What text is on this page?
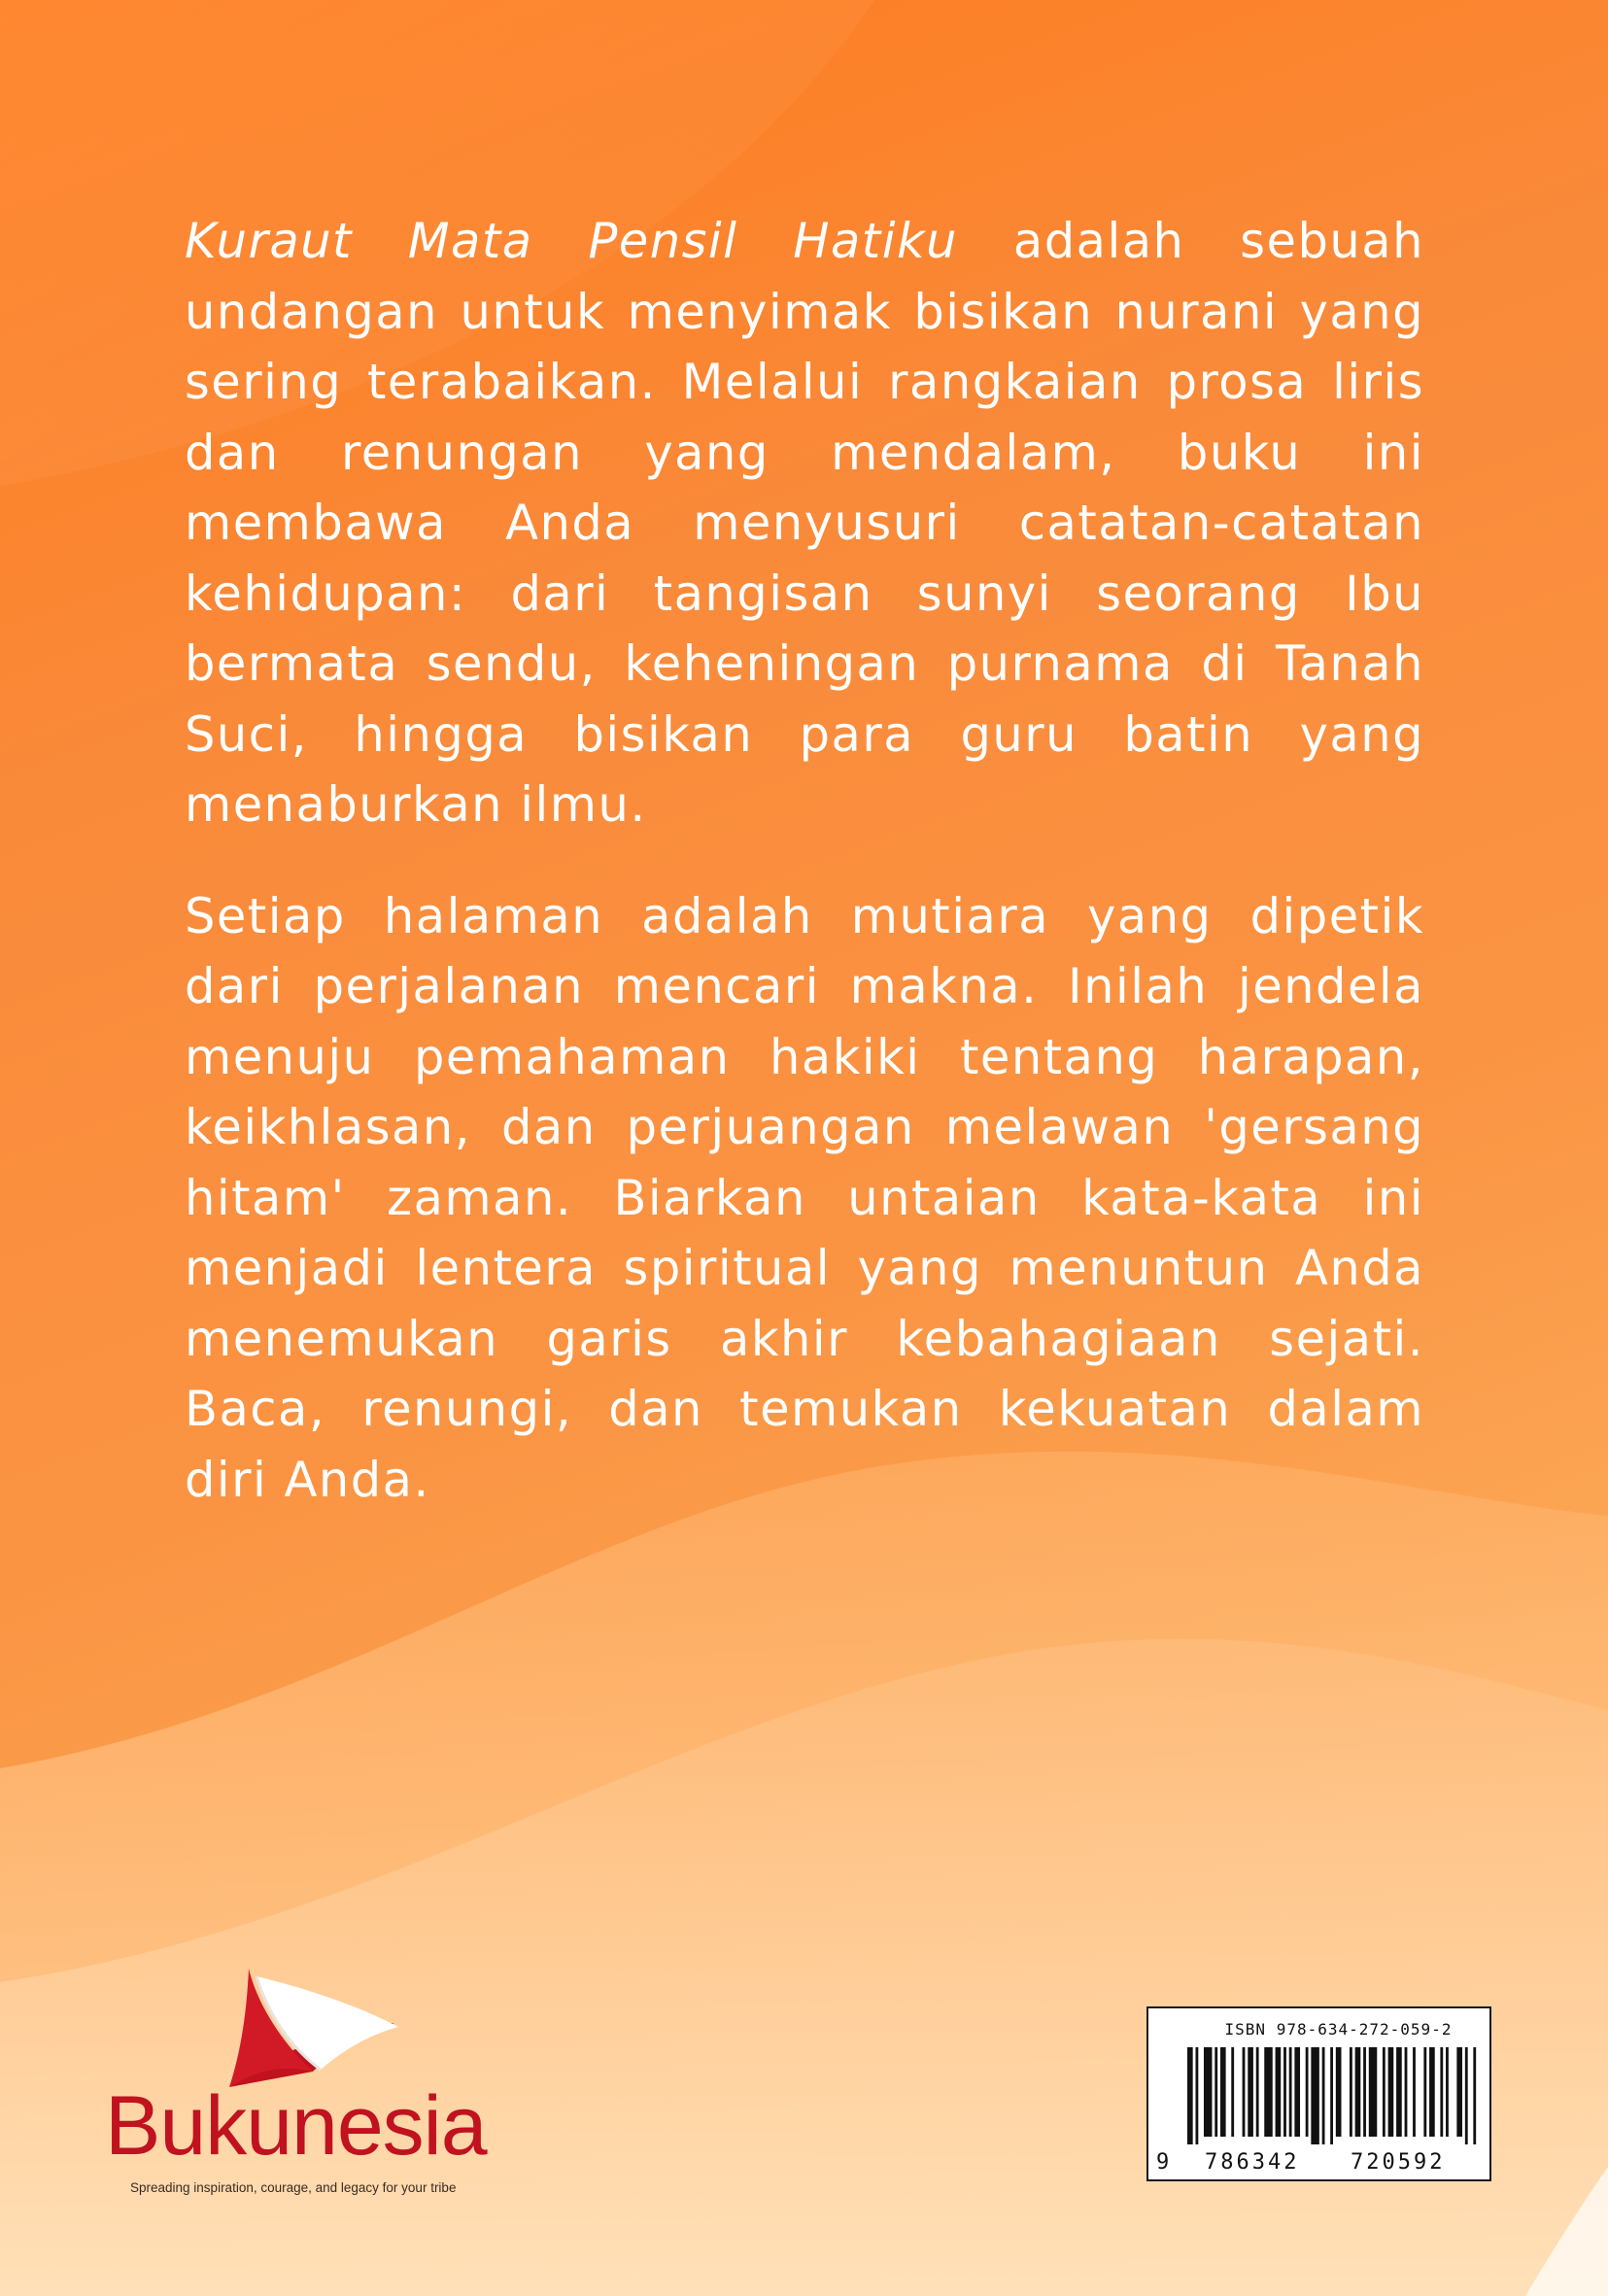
Kuraut Mata Pensil Hatiku adalah sebuah undangan untuk menyimak bisikan nurani yang sering terabaikan. Melalui rangkaian prosa liris dan renungan yang mendalam, buku ini membawa Anda menyusuri catatan-catatan kehidupan: dari tangisan sunyi seorang Ibu bermata sendu, keheningan purnama di Tanah Suci, hingga bisikan para guru batin yang menaburkan ilmu.

Setiap halaman adalah mutiara yang dipetik dari perjalanan mencari makna. Inilah jendela menuju pemahaman hakiki tentang harapan, keikhlasan, dan perjuangan melawan 'gersang hitam' zaman. Biarkan untaian kata-kata ini menjadi lentera spiritual yang menuntun Anda menemukan garis akhir kebahagiaan sejati. Baca, renungi, dan temukan kekuatan dalam diri Anda.

Bukunesia
Spreading inspiration, courage, and legacy for your tribe
ISBN 978-634-272-059-2
9 786342 720592
